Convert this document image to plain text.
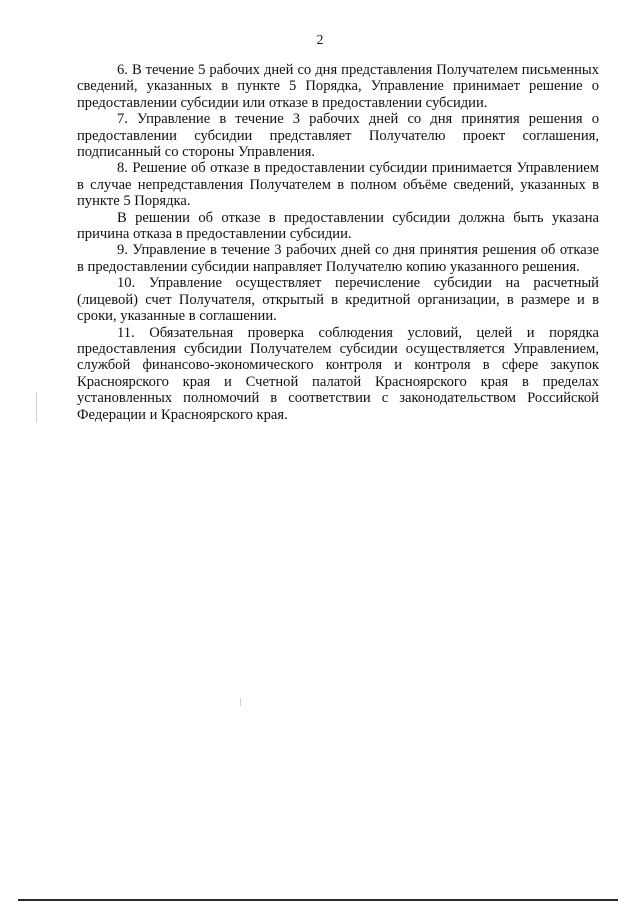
2

6. В течение 5 рабочих дней со дня представления Получателем письменных сведений, указанных в пункте 5 Порядка, Управление принимает решение о предоставлении субсидии или отказе в предоставлении субсидии.

7. Управление в течение 3 рабочих дней со дня принятия решения о предоставлении субсидии представляет Получателю проект соглашения, подписанный со стороны Управления.

8. Решение об отказе в предоставлении субсидии принимается Управлением в случае непредставления Получателем в полном объёме сведений, указанных в пункте 5 Порядка.

В решении об отказе в предоставлении субсидии должна быть указана причина отказа в предоставлении субсидии.

9. Управление в течение 3 рабочих дней со дня принятия решения об отказе в предоставлении субсидии направляет Получателю копию указанного решения.

10. Управление осуществляет перечисление субсидии на расчетный (лицевой) счет Получателя, открытый в кредитной организации, в размере и в сроки, указанные в соглашении.

11. Обязательная проверка соблюдения условий, целей и порядка предоставления субсидии Получателем субсидии осуществляется Управлением, службой финансово-экономического контроля и контроля в сфере закупок Красноярского края и Счетной палатой Красноярского края в пределах установленных полномочий в соответствии с законодательством Российской Федерации и Красноярского края.
